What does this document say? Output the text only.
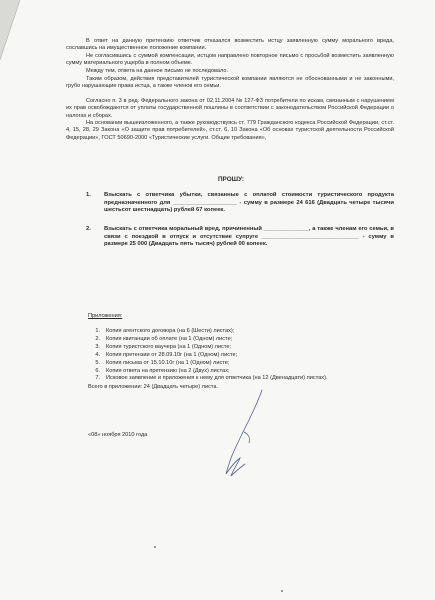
В ответ на данную претензию ответчик отказался возместить истцу заявленную сумму морального вреда, сославшись на имущественное положение компании.

Не согласившись с суммой компенсации, истцом направлено повторное письмо с просьбой возместить заявленную сумму материального ущерба в полном объеме.

Между тем, ответа на данное письмо не последовало.

Таким образом, действия представителей туристической компании являются не обоснованными и не законными, грубо нарушающие права истца, а также членов его семьи.

Согласно п. 3 в ред. Федерального закона от 02.11.2004 № 127-ФЗ потребители по искам, связанным с нарушением их прав освобождаются от уплаты государственной пошлины в соответствии с законодательством Российской Федерации о налогах и сборах.

На основании вышеизложенного, а также руководствуясь ст. 779 Гражданского кодекса Российской Федерации, ст.ст. 4, 15, 28, 29 Закона «О защите прав потребителей», ст.ст. 6, 10 Закона «Об основах туристской деятельности Российской Федерации», ГОСТ 50690-2000 «Туристические услуги. Общие требования»,

ПРОШУ:
1. Взыскать с ответчика убытки, связанные с оплатой стоимости туристического продукта предназначенного для ____________________ - сумму в размере 24 616 (Двадцать четыре тысячи шестьсот шестнадцать) рублей 67 копеек.

2. Взыскать с ответчика моральный вред, причиненный ______________, а также членам его семьи, в связи с поездкой в отпуск и отсутствие супруге ______________________________ - сумму в размере 25 000 (Двадцать пять тысяч) рублей 00 копеек.

Приложения:
1. Копия агентского договора (на 6 (Шести) листах);
2. Копия квитанции об оплате (на 1 (Одном) листе;
3. Копия туристского ваучера (на 1 (Одном) листе;
4. Копия претензии от 28.09.10г (на 1 (Одном) листе;
5. Копия письма от 15.10.10г (на 1 (Одном) листе;
6. Копия ответа на претензию (на 2 (Двух) листах;
7. Исковое заявление и приложения к нему для ответчика (на 12 (Двенадцати) листах).
Всего в приложении: 24 (Двадцать четыре) листа.
«08» ноября 2010 года
